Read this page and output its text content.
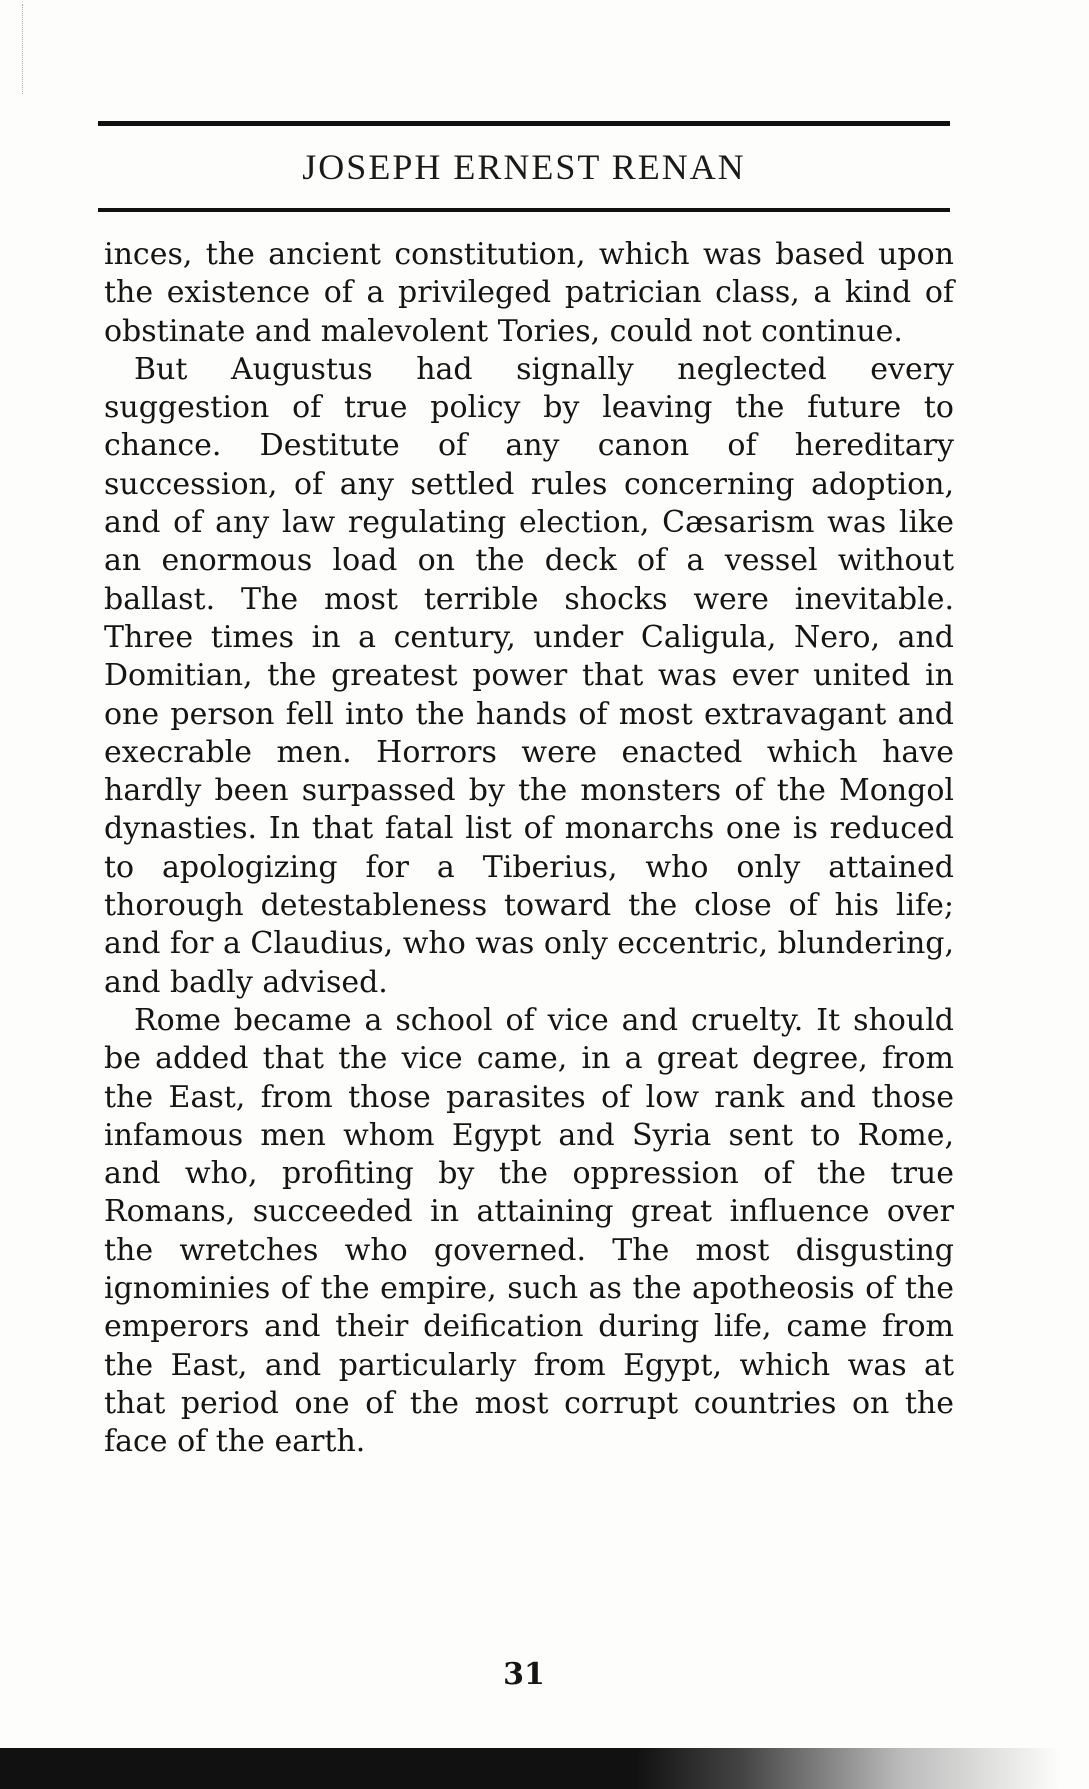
JOSEPH ERNEST RENAN

inces, the ancient constitution, which was based upon the existence of a privileged patrician class, a kind of obstinate and malevolent Tories, could not continue.

But Augustus had signally neglected every suggestion of true policy by leaving the future to chance. Destitute of any canon of hereditary succession, of any settled rules concerning adoption, and of any law regulating election, Cæsarism was like an enormous load on the deck of a vessel without ballast. The most terrible shocks were inevitable. Three times in a century, under Caligula, Nero, and Domitian, the greatest power that was ever united in one person fell into the hands of most extravagant and execrable men. Horrors were enacted which have hardly been surpassed by the monsters of the Mongol dynasties. In that fatal list of monarchs one is reduced to apologizing for a Tiberius, who only attained thorough detestableness toward the close of his life; and for a Claudius, who was only eccentric, blundering, and badly advised.

Rome became a school of vice and cruelty. It should be added that the vice came, in a great degree, from the East, from those parasites of low rank and those infamous men whom Egypt and Syria sent to Rome, and who, profiting by the oppression of the true Romans, succeeded in attaining great influence over the wretches who governed. The most disgusting ignominies of the empire, such as the apotheosis of the emperors and their deification during life, came from the East, and particularly from Egypt, which was at that period one of the most corrupt countries on the face of the earth.

31
